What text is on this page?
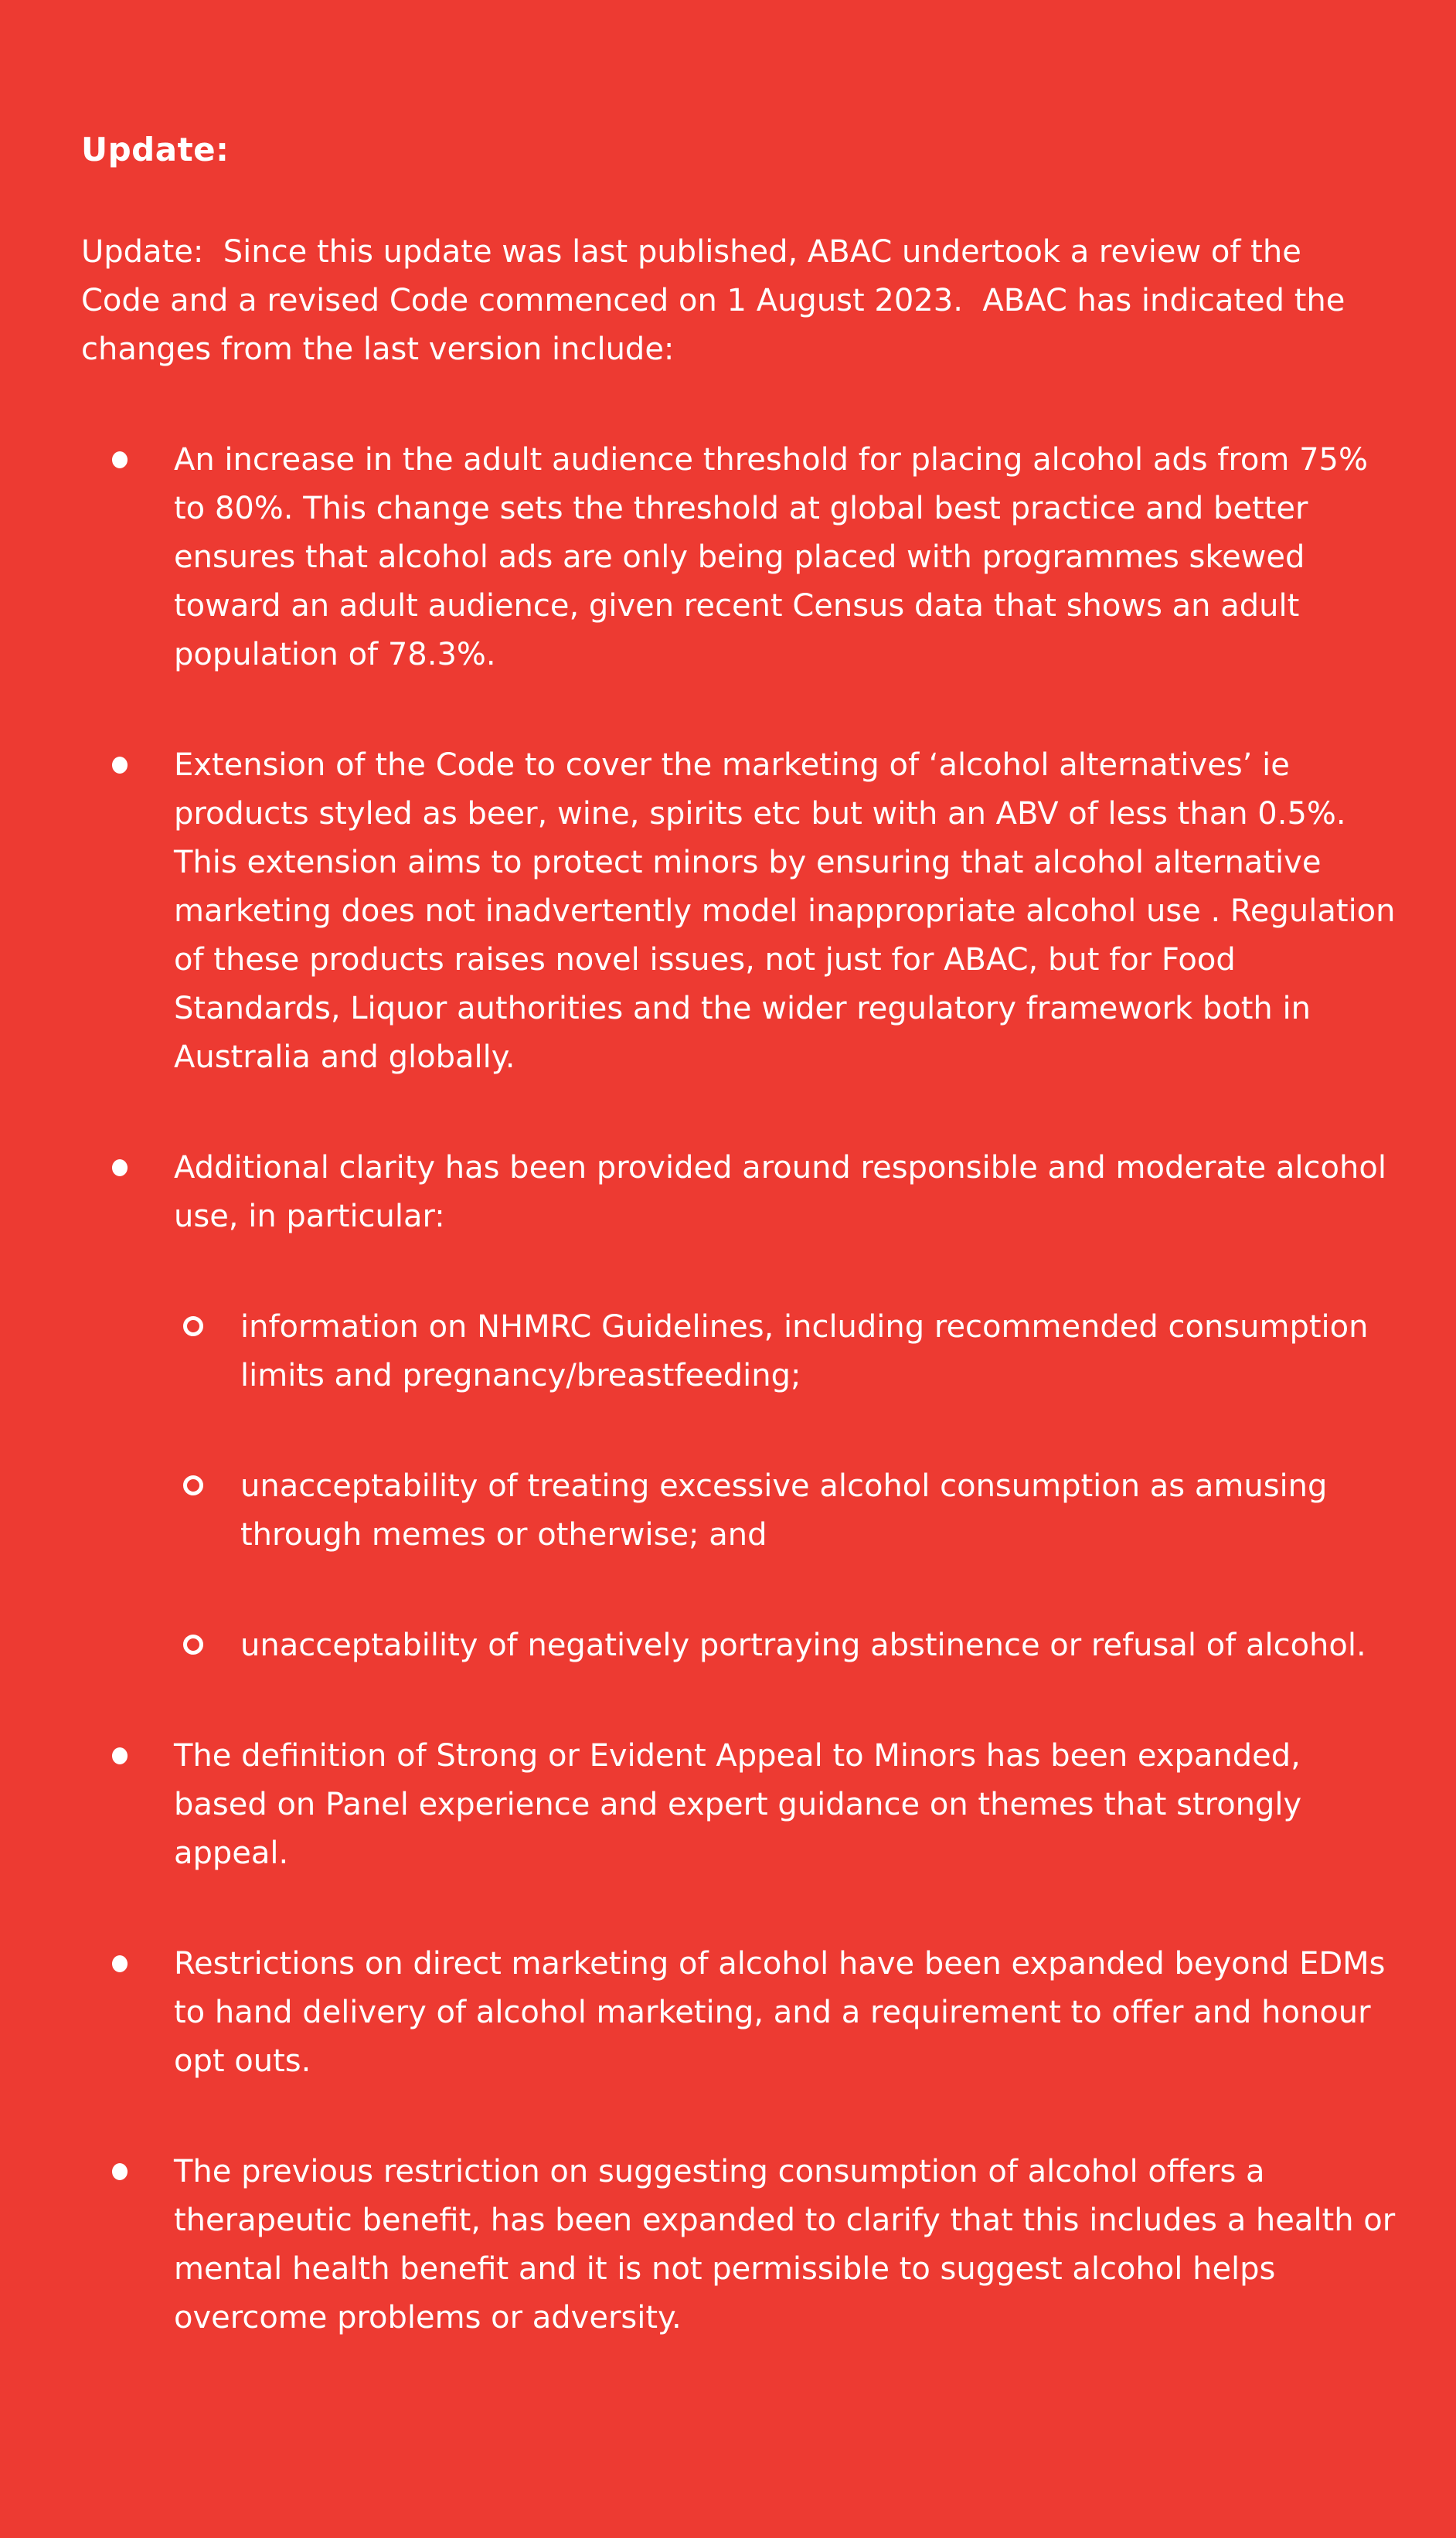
Update:

Update:  Since this update was last published, ABAC undertook a review of the Code and a revised Code commenced on 1 August 2023.  ABAC has indicated the changes from the last version include:

An increase in the adult audience threshold for placing alcohol ads from 75% to 80%. This change sets the threshold at global best practice and better ensures that alcohol ads are only being placed with programmes skewed toward an adult audience, given recent Census data that shows an adult population of 78.3%.
Extension of the Code to cover the marketing of ‘alcohol alternatives’ ie products styled as beer, wine, spirits etc but with an ABV of less than 0.5%. This extension aims to protect minors by ensuring that alcohol alternative marketing does not inadvertently model inappropriate alcohol use . Regulation of these products raises novel issues, not just for ABAC, but for Food Standards, Liquor authorities and the wider regulatory framework both in Australia and globally.
Additional clarity has been provided around responsible and moderate alcohol use, in particular:
information on NHMRC Guidelines, including recommended consumption limits and pregnancy/breastfeeding;
unacceptability of treating excessive alcohol consumption as amusing through memes or otherwise; and
unacceptability of negatively portraying abstinence or refusal of alcohol.
The definition of Strong or Evident Appeal to Minors has been expanded, based on Panel experience and expert guidance on themes that strongly appeal.
Restrictions on direct marketing of alcohol have been expanded beyond EDMs to hand delivery of alcohol marketing, and a requirement to offer and honour opt outs.
The previous restriction on suggesting consumption of alcohol offers a therapeutic benefit, has been expanded to clarify that this includes a health or mental health benefit and it is not permissible to suggest alcohol helps overcome problems or adversity.
